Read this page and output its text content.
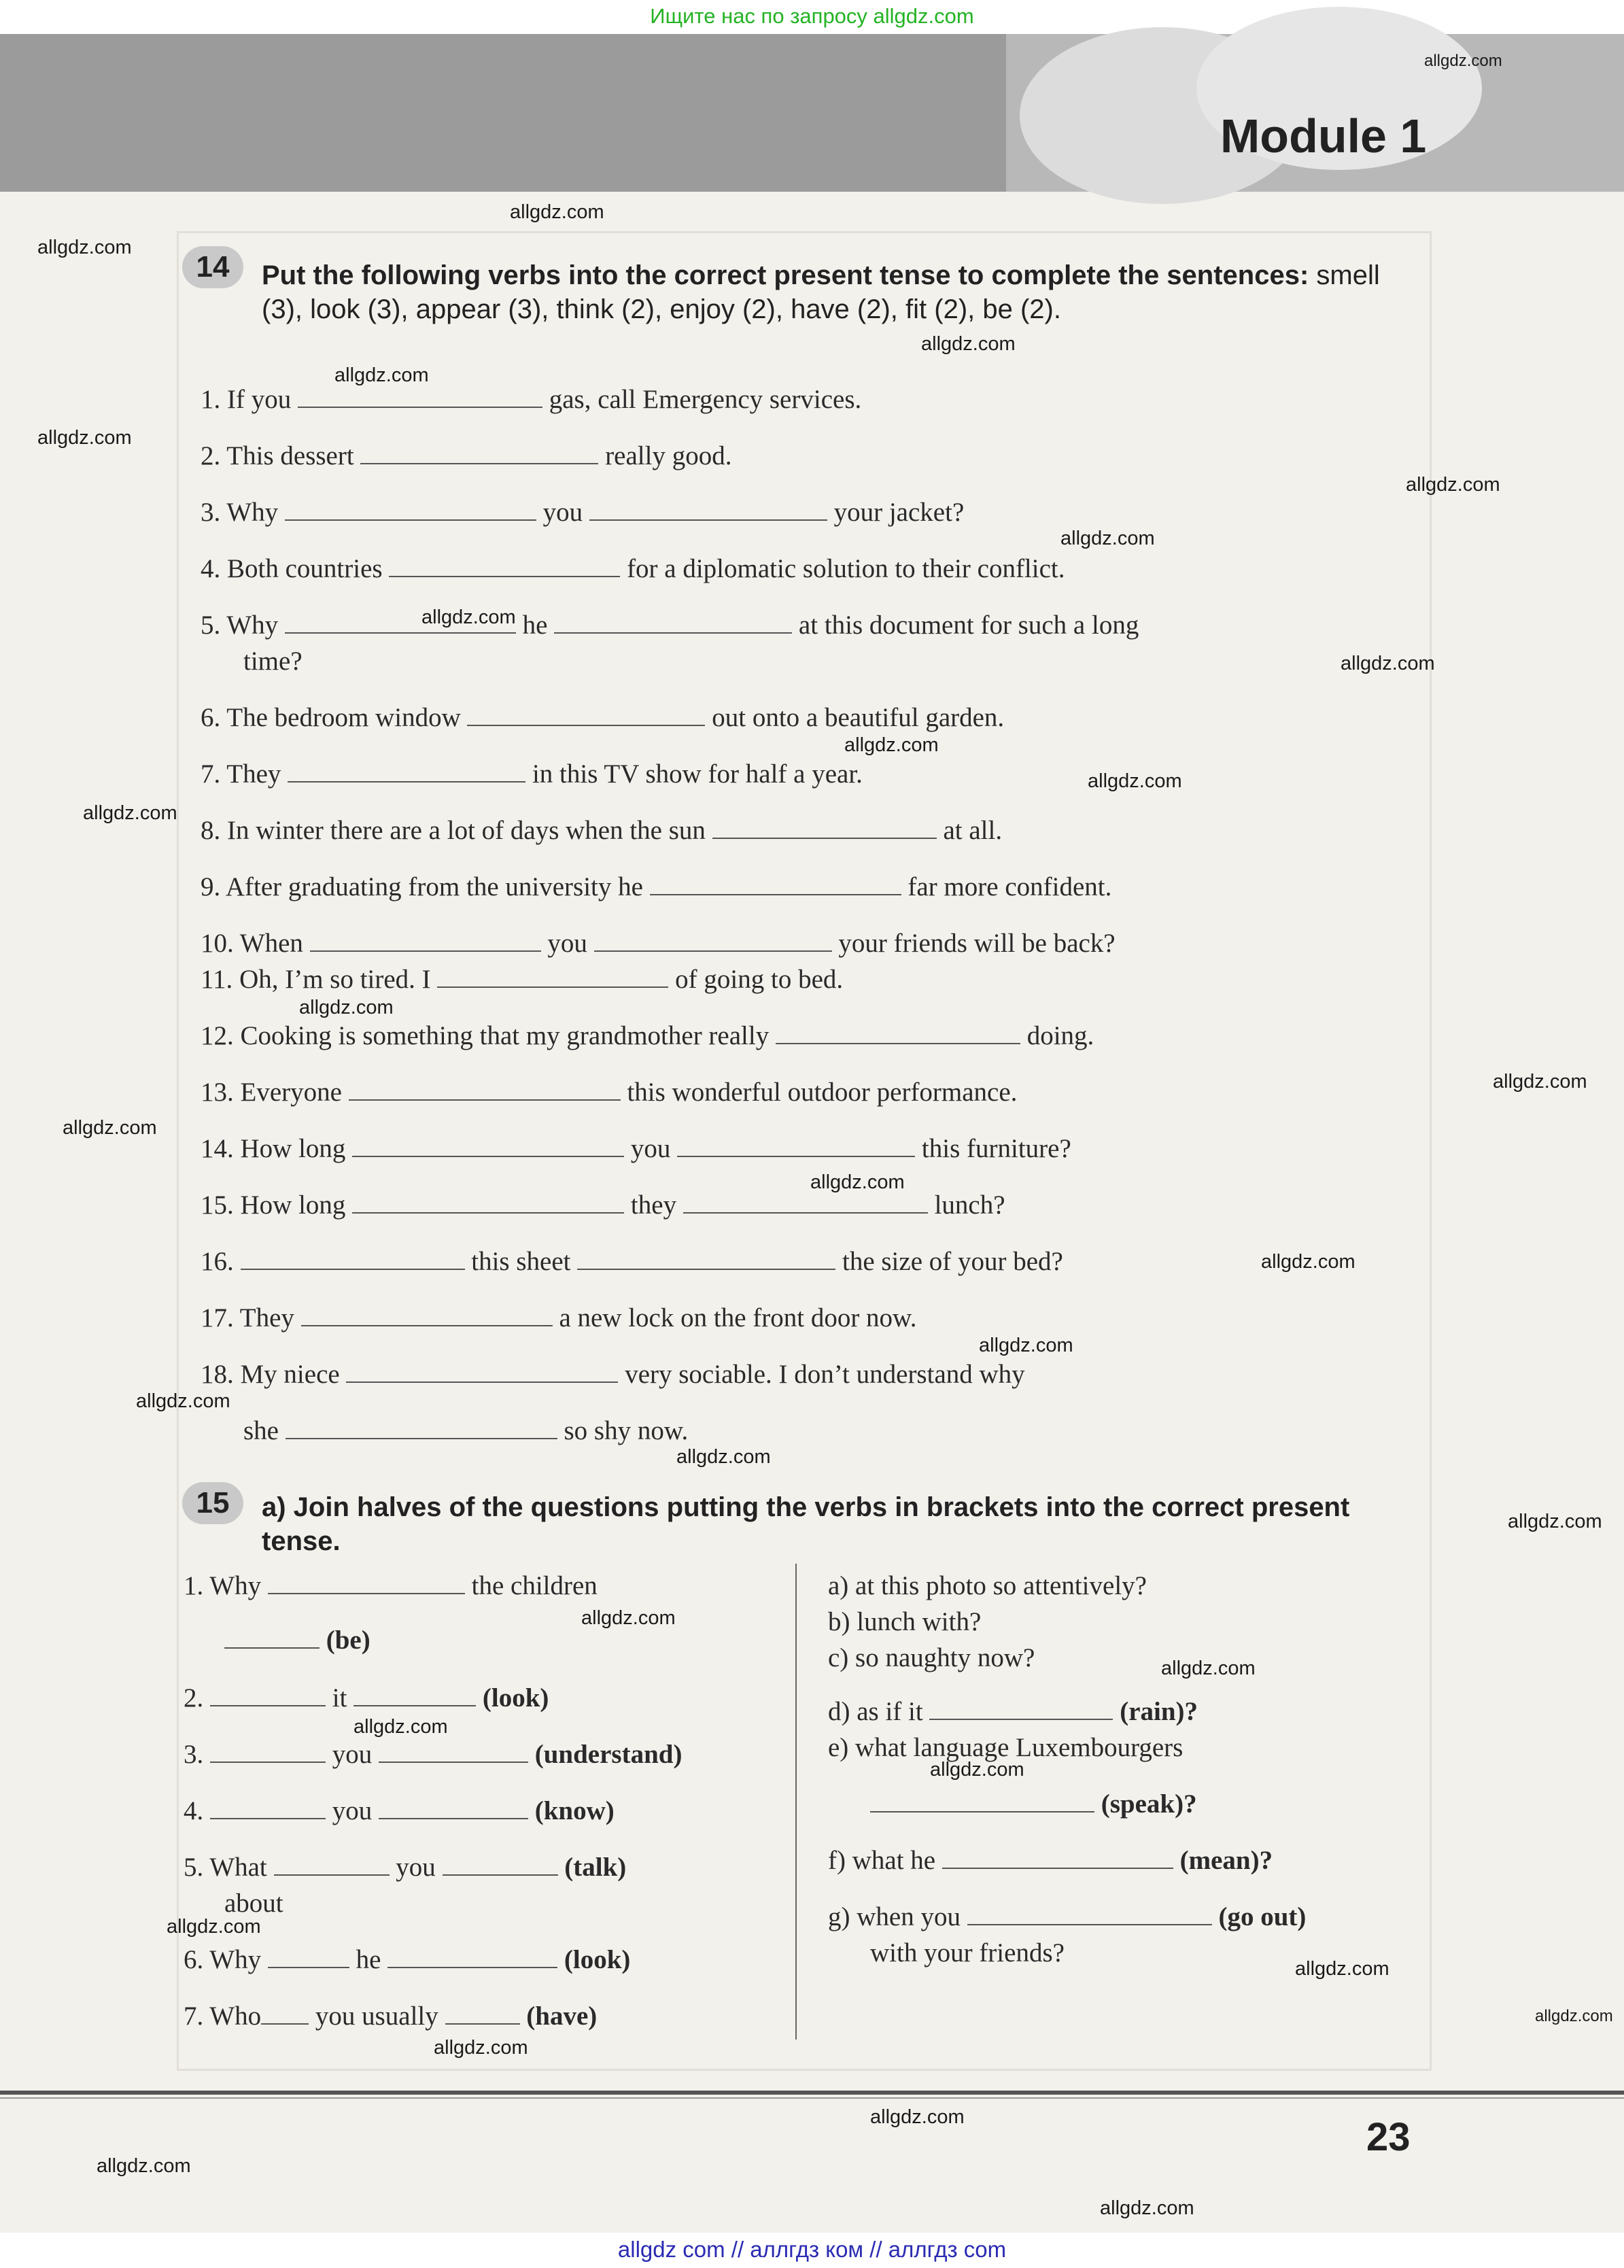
Ищите нас по запросу allgdz.com
Module 1
14	Put the following verbs into the correct present tense to complete the sentences: smell (3), look (3), appear (3), think (2), enjoy (2), have (2), fit (2), be (2).
1. If you	gas, call Emergency services.
2. This dessert	really good.
3. Why	you	your jacket?
4. Both countries	for a diplomatic solution to their conflict.
5. Why	he	at this document for such a long
time?
6. The bedroom window	out onto a beautiful garden.
7. They	in this TV show for half a year.
8. In winter there are a lot of days when the sun	at all.
9. After graduating from the university he	far more confident.
10. When	you	your friends will be back?
11. Oh, I’m so tired. I	of going to bed.
12. Cooking is something that my grandmother really	doing.
13. Everyone	this wonderful outdoor performance.
14. How long	you	this furniture?
15. How long	they	lunch?
16.	this sheet	the size of your bed?
17. They	a new lock on the front door now.
18. My niece	very sociable. I don’t understand why
she	so shy now.
15	a) Join halves of the questions putting the verbs in brackets into the correct present tense.
1. Why	the children
(be)
2.	it	(look)
3.	you	(understand)
4.	you	(know)
5. What	you	(talk)
about
6. Why	he	(look)
7. Who you usually	(have)
a) at this photo so attentively?
b) lunch with?
c) so naughty now?
d) as if it	(rain)?
e) what language Luxembourgers
(speak)?
f) what he	(mean)?
g) when you	(go out)
with your friends?
23
allgdz.com
allgdz.com
allgdz.com
allgdz.com
allgdz.com
allgdz.com
allgdz.com
allgdz.com
allgdz.com
allgdz.com
allgdz.com
allgdz.com
allgdz.com
allgdz.com
allgdz.com
allgdz.com
allgdz.com
allgdz.com
allgdz.com
allgdz.com
allgdz.com
allgdz.com
allgdz.com
allgdz.com
allgdz.com
allgdz.com
allgdz.com
allgdz.com
allgdz.com
allgdz.com
allgdz.com
allgdz.com
allgdz.com
allgdz com // аллгдз ком // аллгдз com
